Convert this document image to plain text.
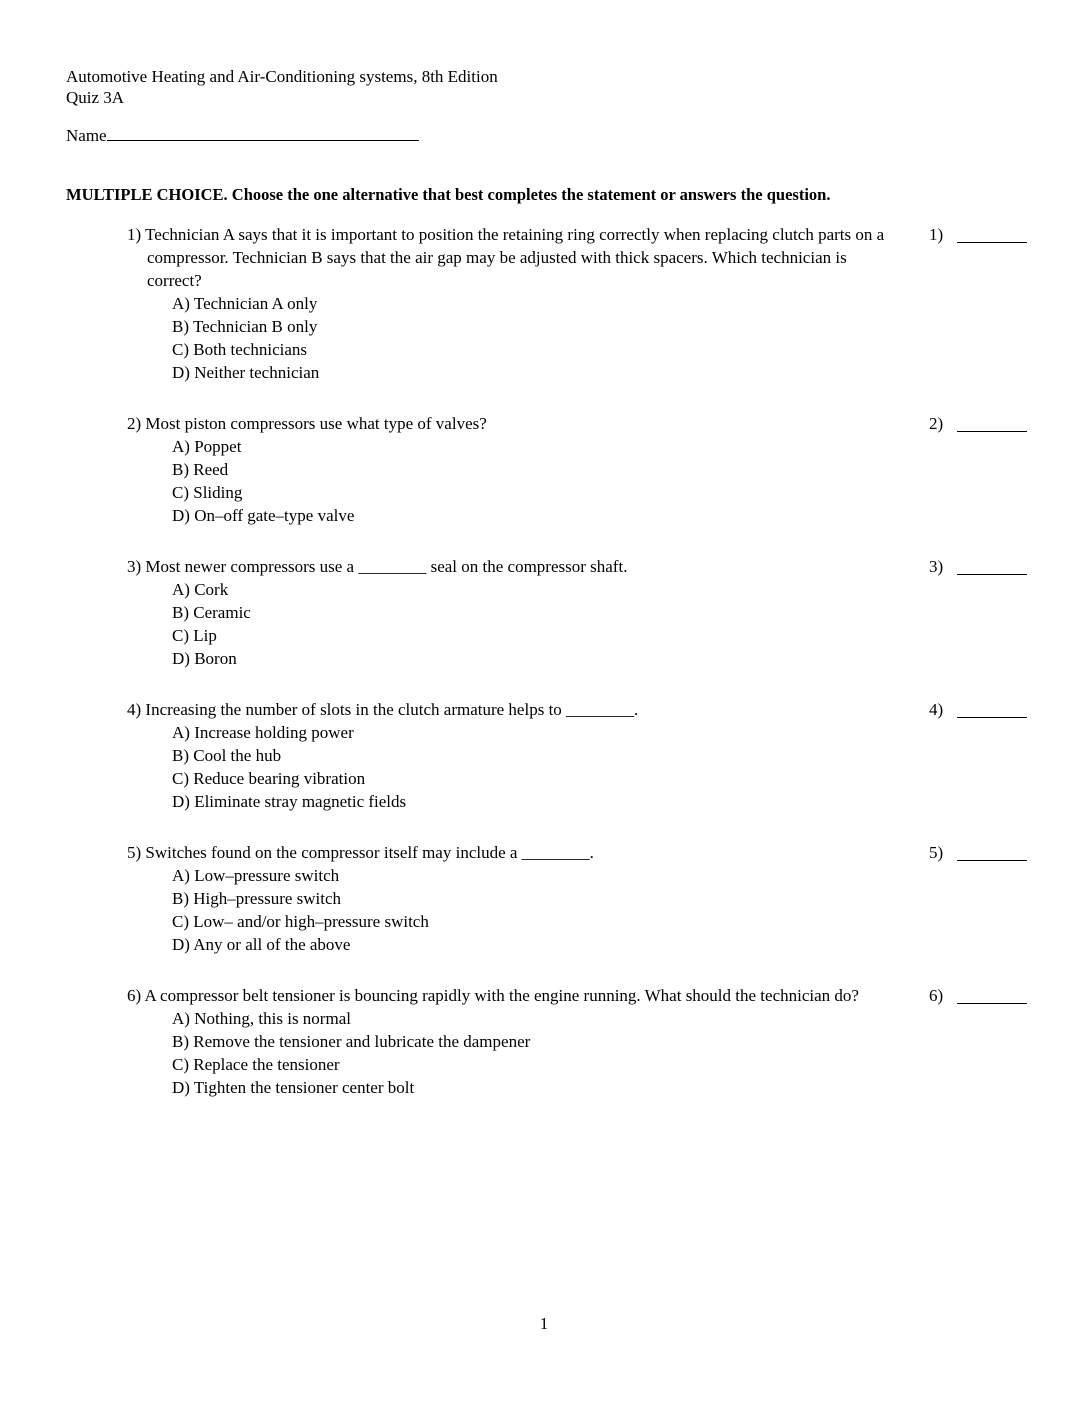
Automotive Heating and Air-Conditioning systems, 8th Edition
Quiz 3A
Name
MULTIPLE CHOICE. Choose the one alternative that best completes the statement or answers the question.
1) Technician A says that it is important to position the retaining ring correctly when replacing clutch parts on a compressor. Technician B says that the air gap may be adjusted with thick spacers. Which technician is correct?
A) Technician A only
B) Technician B only
C) Both technicians
D) Neither technician
1)
2) Most piston compressors use what type of valves?
A) Poppet
B) Reed
C) Sliding
D) On–off gate–type valve
2)
3) Most newer compressors use a ________ seal on the compressor shaft.
A) Cork
B) Ceramic
C) Lip
D) Boron
3)
4) Increasing the number of slots in the clutch armature helps to ________.
A) Increase holding power
B) Cool the hub
C) Reduce bearing vibration
D) Eliminate stray magnetic fields
4)
5) Switches found on the compressor itself may include a ________.
A) Low–pressure switch
B) High–pressure switch
C) Low– and/or high–pressure switch
D) Any or all of the above
5)
6) A compressor belt tensioner is bouncing rapidly with the engine running. What should the technician do?
A) Nothing, this is normal
B) Remove the tensioner and lubricate the dampener
C) Replace the tensioner
D) Tighten the tensioner center bolt
6)
1
